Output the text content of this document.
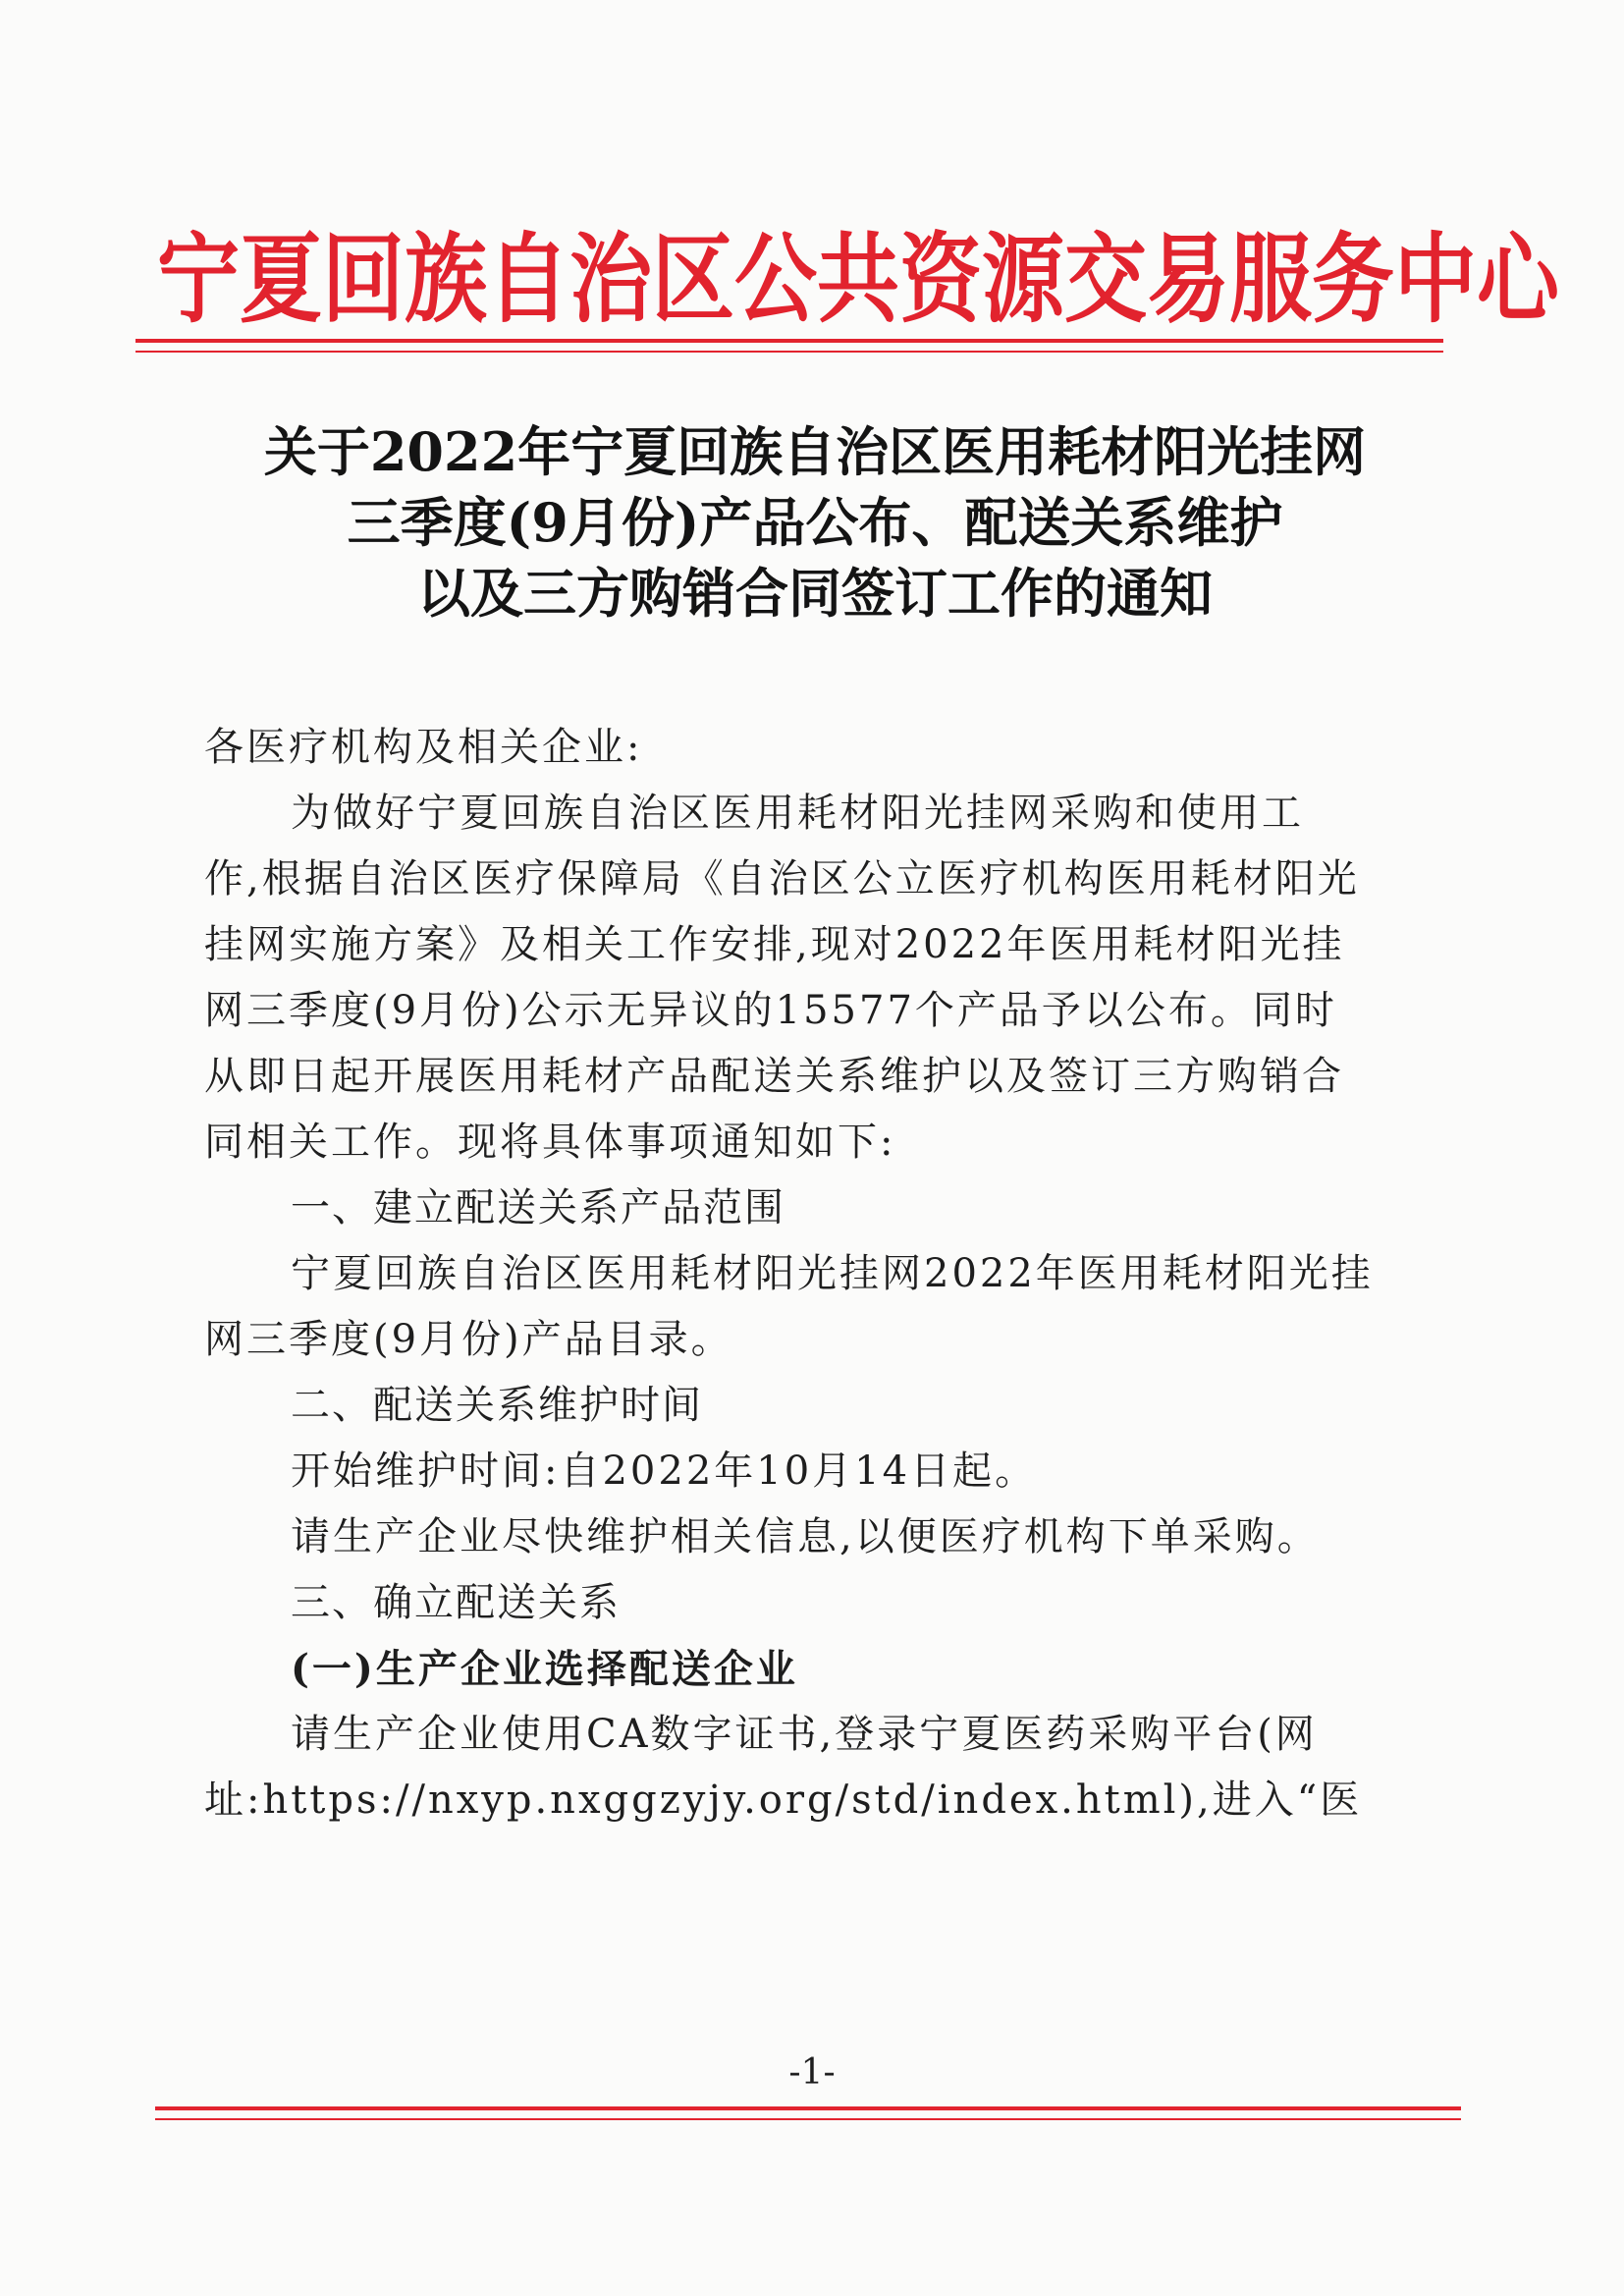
宁夏回族自治区公共资源交易服务中心
关于2022年宁夏回族自治区医用耗材阳光挂网
三季度(9月份)产品公布、配送关系维护
以及三方购销合同签订工作的通知

各医疗机构及相关企业:

为做好宁夏回族自治区医用耗材阳光挂网采购和使用工

作,根据自治区医疗保障局《自治区公立医疗机构医用耗材阳光

挂网实施方案》及相关工作安排,现对2022年医用耗材阳光挂

网三季度(9月份)公示无异议的15577个产品予以公布。同时

从即日起开展医用耗材产品配送关系维护以及签订三方购销合

同相关工作。现将具体事项通知如下:

一、建立配送关系产品范围

宁夏回族自治区医用耗材阳光挂网2022年医用耗材阳光挂

网三季度(9月份)产品目录。

二、配送关系维护时间

开始维护时间:自2022年10月14日起。

请生产企业尽快维护相关信息,以便医疗机构下单采购。

三、确立配送关系

(一)生产企业选择配送企业

请生产企业使用CA数字证书,登录宁夏医药采购平台(网

址:https://nxyp.nxggzyjy.org/std/index.html),进入“医

-1-
